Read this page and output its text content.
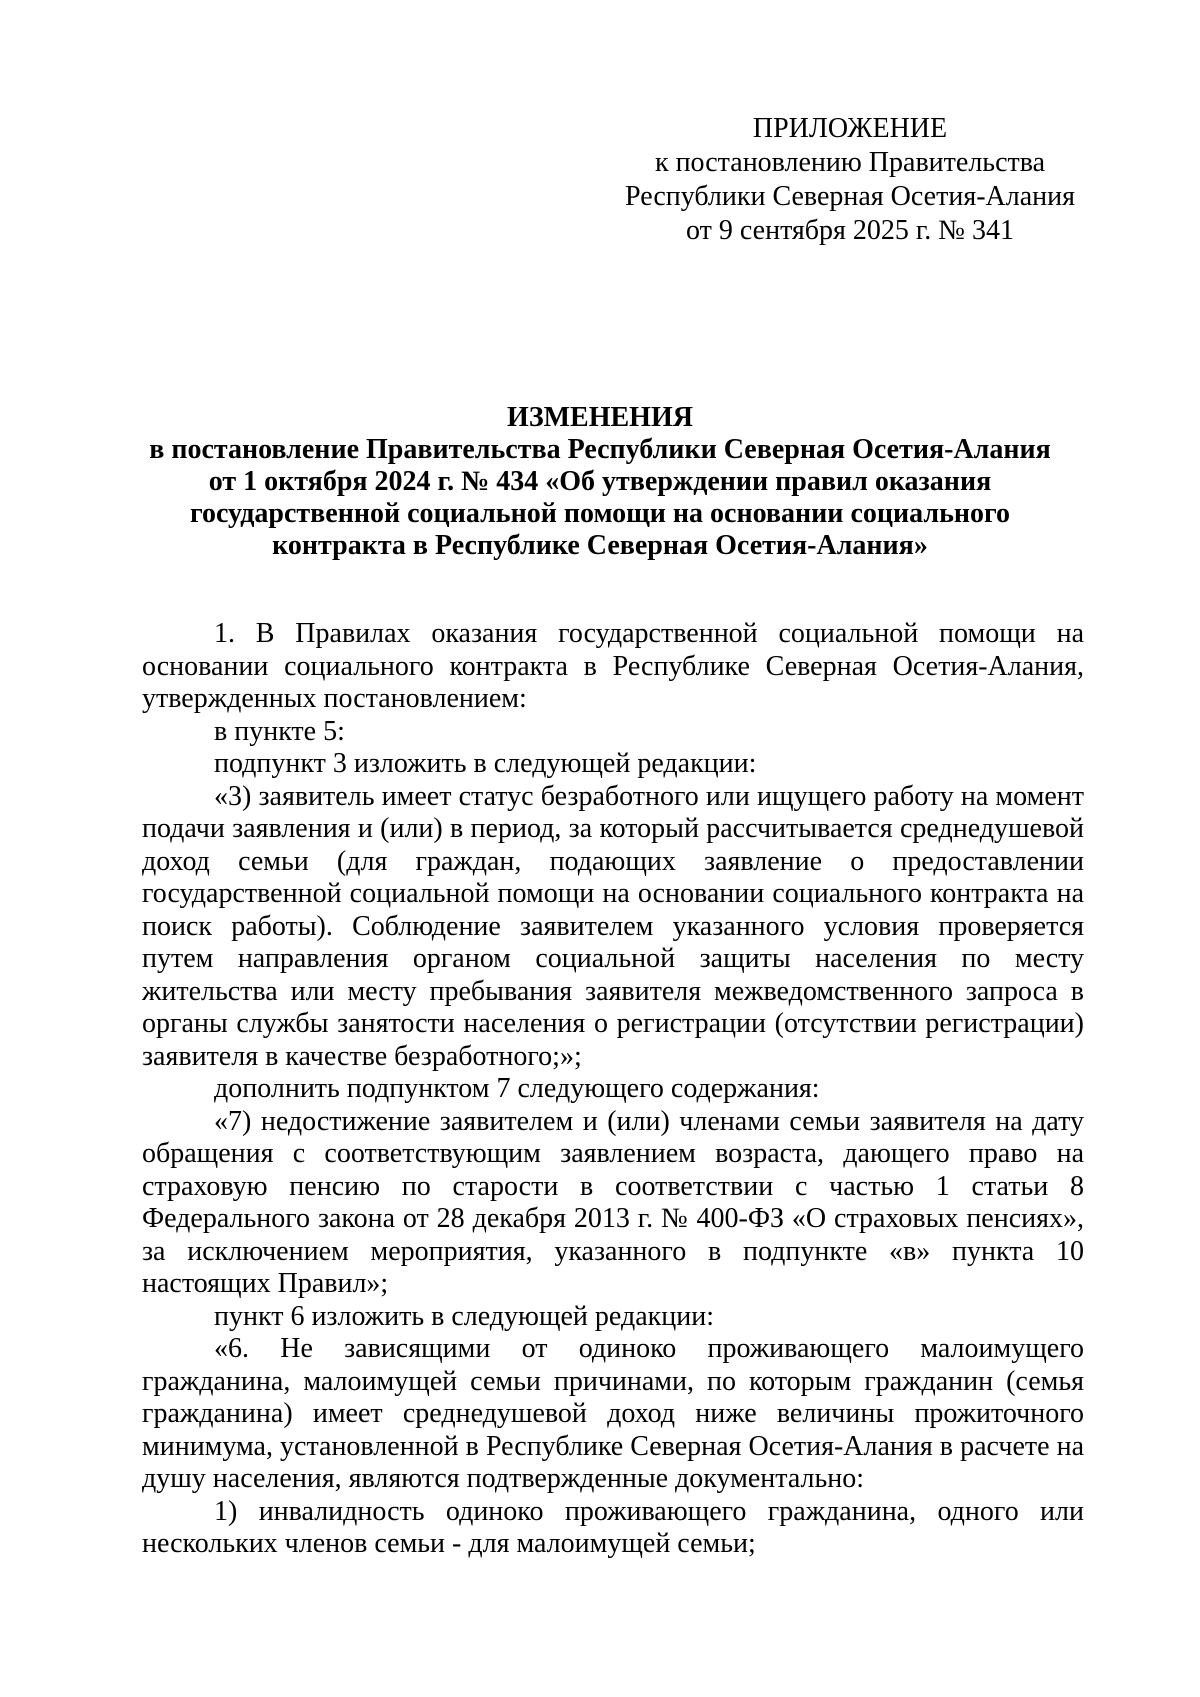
ПРИЛОЖЕНИЕ
к постановлению Правительства
Республики Северная Осетия-Алания
от 9 сентября 2025 г. № 341
ИЗМЕНЕНИЯ
в постановление Правительства Республики Северная Осетия-Алания
от 1 октября 2024 г. № 434 «Об утверждении правил оказания
государственной социальной помощи на основании социального
контракта в Республике Северная Осетия-Алания»

1. В Правилах оказания государственной социальной помощи на основании социального контракта в Республике Северная Осетия-Алания, утвержденных постановлением:

в пункте 5:

подпункт 3 изложить в следующей редакции:

«3) заявитель имеет статус безработного или ищущего работу на момент подачи заявления и (или) в период, за который рассчитывается среднедушевой доход семьи (для граждан, подающих заявление о предоставлении государственной социальной помощи на основании социального контракта на поиск работы). Соблюдение заявителем указанного условия проверяется путем направления органом социальной защиты населения по месту жительства или месту пребывания заявителя межведомственного запроса в органы службы занятости населения о регистрации (отсутствии регистрации) заявителя в качестве безработного;»;

дополнить подпунктом 7 следующего содержания:

«7) недостижение заявителем и (или) членами семьи заявителя на дату обращения с соответствующим заявлением возраста, дающего право на страховую пенсию по старости в соответствии с частью 1 статьи 8 Федерального закона от 28 декабря 2013 г. № 400-ФЗ «О страховых пенсиях», за исключением мероприятия, указанного в подпункте «в» пункта 10 настоящих Правил»;

пункт 6 изложить в следующей редакции:

«6. Не зависящими от одиноко проживающего малоимущего гражданина, малоимущей семьи причинами, по которым гражданин (семья гражданина) имеет среднедушевой доход ниже величины прожиточного минимума, установленной в Республике Северная Осетия-Алания в расчете на душу населения, являются подтвержденные документально:

1) инвалидность одиноко проживающего гражданина, одного или нескольких членов семьи - для малоимущей семьи;
